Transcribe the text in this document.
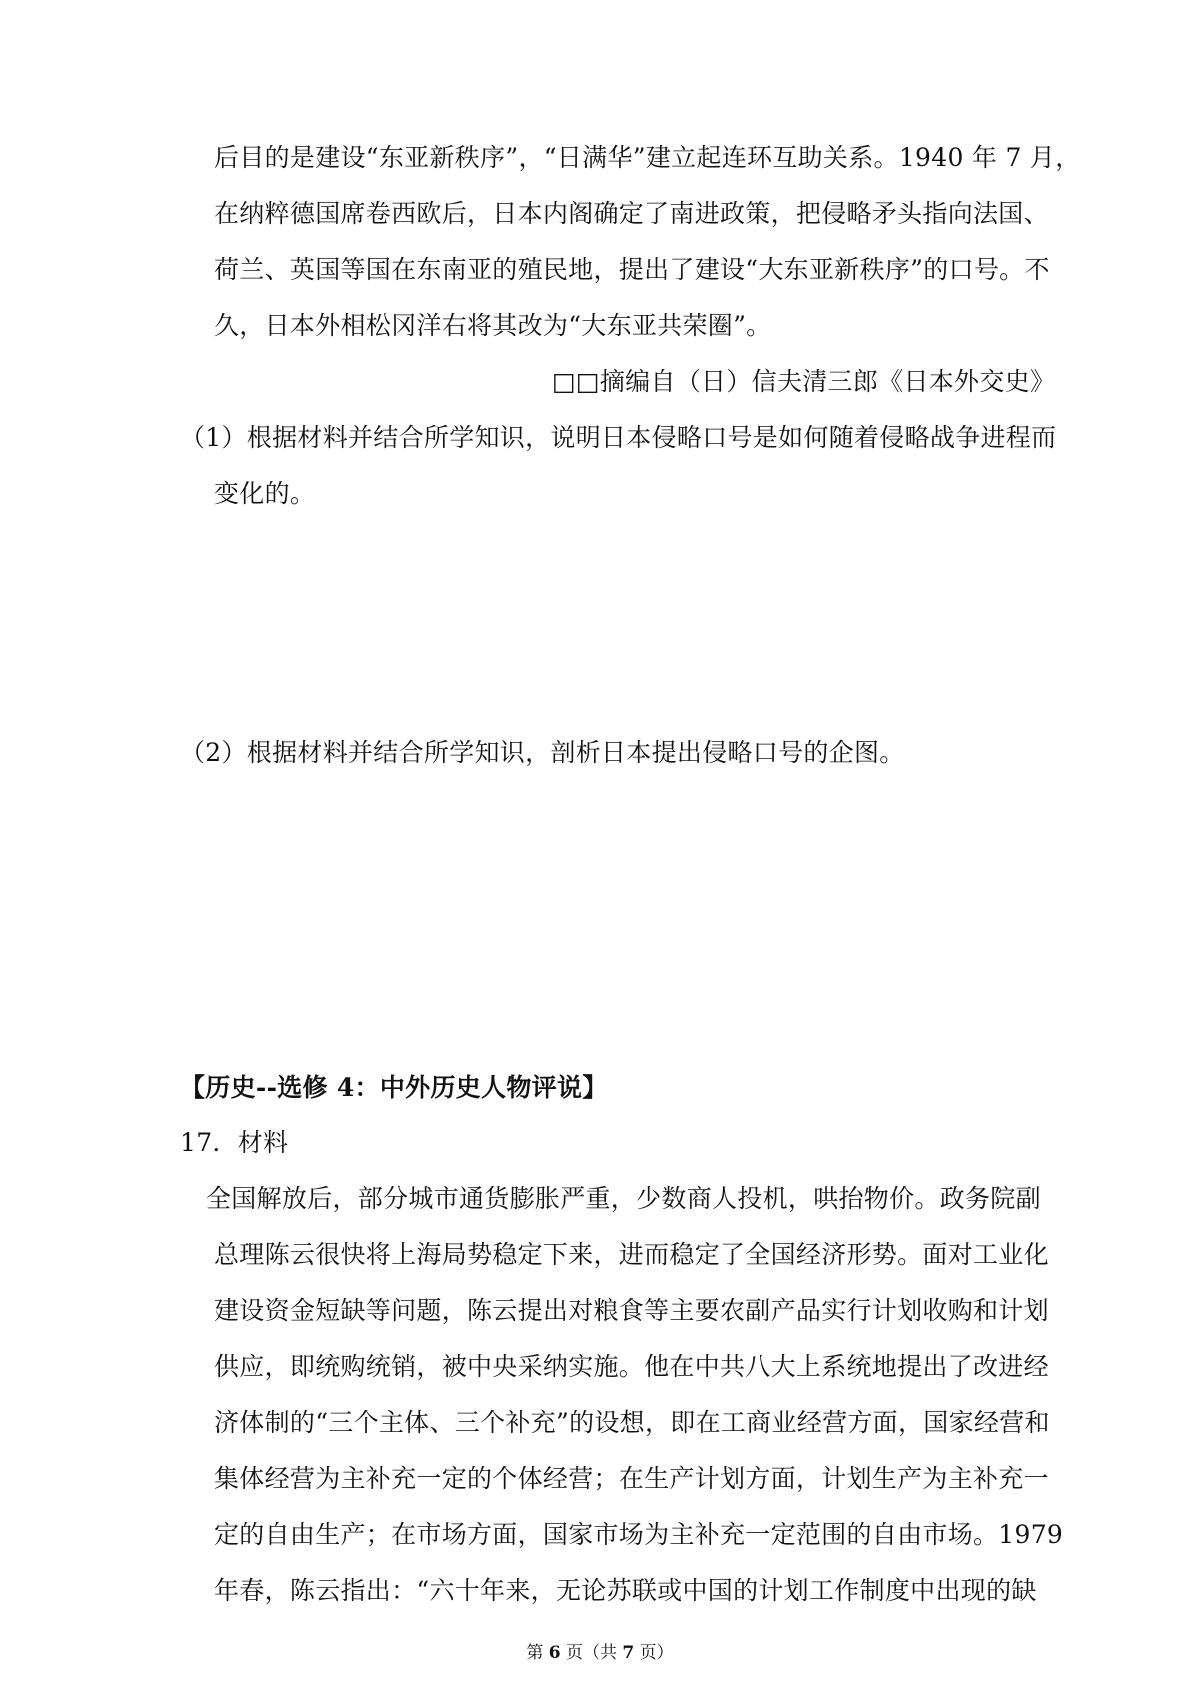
后目的是建设“东亚新秩序”，“日满华”建立起连环互助关系。1940 年 7 月，
在纳粹德国席卷西欧后，日本内阁确定了南进政策，把侵略矛头指向法国、
荷兰、英国等国在东南亚的殖民地，提出了建设“大东亚新秩序”的口号。不
久，日本外相松冈洋右将其改为“大东亚共荣圈”。
□□摘编自（日）信夫清三郎《日本外交史》
（1）根据材料并结合所学知识，说明日本侵略口号是如何随着侵略战争进程而
变化的。
（2）根据材料并结合所学知识，剖析日本提出侵略口号的企图。
【历史--选修 4：中外历史人物评说】
17．材料
全国解放后，部分城市通货膨胀严重，少数商人投机，哄抬物价。政务院副
总理陈云很快将上海局势稳定下来，进而稳定了全国经济形势。面对工业化
建设资金短缺等问题，陈云提出对粮食等主要农副产品实行计划收购和计划
供应，即统购统销，被中央采纳实施。他在中共八大上系统地提出了改进经
济体制的“三个主体、三个补充”的设想，即在工商业经营方面，国家经营和
集体经营为主补充一定的个体经营；在生产计划方面，计划生产为主补充一
定的自由生产；在市场方面，国家市场为主补充一定范围的自由市场。1979
年春，陈云指出：“六十年来，无论苏联或中国的计划工作制度中出现的缺
第 6 页（共 7 页）
